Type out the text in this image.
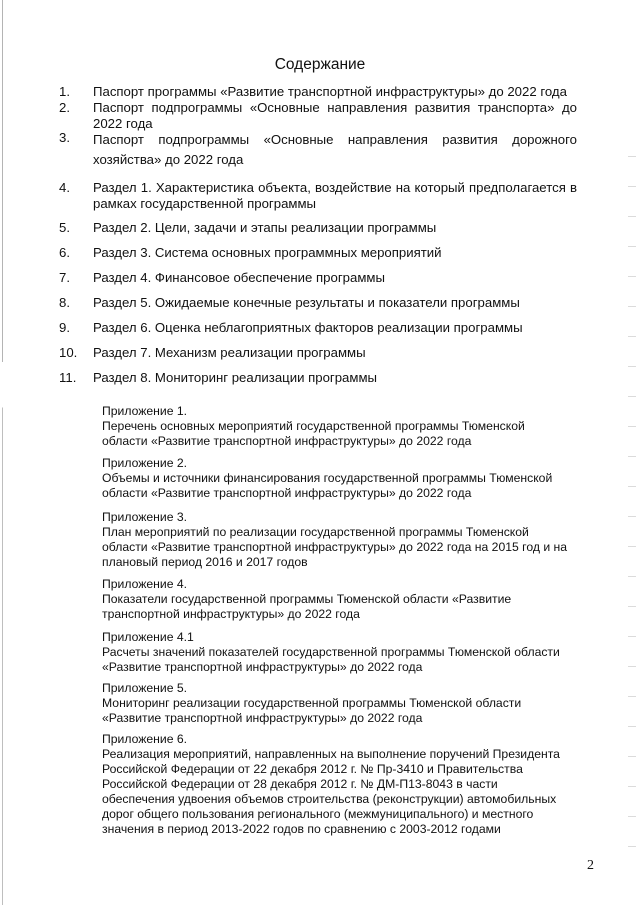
Содержание
1.	Паспорт программы «Развитие транспортной инфраструктуры» до 2022 года
2.	Паспорт подпрограммы «Основные направления развития транспорта» до 2022 года
3.	Паспорт подпрограммы «Основные направления развития дорожного хозяйства» до 2022 года
4.	Раздел 1. Характеристика объекта, воздействие на который предполагается в рамках государственной программы
5.	Раздел 2. Цели, задачи и этапы реализации программы
6.	Раздел 3. Система основных программных мероприятий
7.	Раздел 4. Финансовое обеспечение программы
8.	Раздел 5. Ожидаемые конечные результаты и показатели программы
9.	Раздел 6. Оценка неблагоприятных факторов реализации программы
10.	Раздел 7. Механизм реализации программы
11.	Раздел 8. Мониторинг реализации программы
Приложение 1.
Перечень основных мероприятий государственной программы Тюменской области «Развитие транспортной инфраструктуры» до 2022 года
Приложение 2.
Объемы и источники финансирования государственной программы Тюменской области «Развитие транспортной инфраструктуры» до 2022 года
Приложение 3.
План мероприятий по реализации государственной программы Тюменской области «Развитие транспортной инфраструктуры» до 2022 года на 2015 год и на плановый период 2016 и 2017 годов
Приложение 4.
Показатели государственной программы Тюменской области «Развитие транспортной инфраструктуры» до 2022 года
Приложение 4.1
Расчеты значений показателей государственной программы Тюменской области «Развитие транспортной инфраструктуры» до 2022 года
Приложение 5.
Мониторинг реализации государственной программы Тюменской области «Развитие транспортной инфраструктуры» до 2022 года
Приложение 6.
Реализация мероприятий, направленных на выполнение поручений Президента Российской Федерации от 22 декабря 2012 г. № Пр-3410 и Правительства Российской Федерации от 28 декабря 2012 г. № ДМ-П13-8043 в части обеспечения удвоения объемов строительства (реконструкции) автомобильных дорог общего пользования регионального (межмуниципального) и местного значения в период 2013-2022 годов по сравнению с 2003-2012 годами
2
